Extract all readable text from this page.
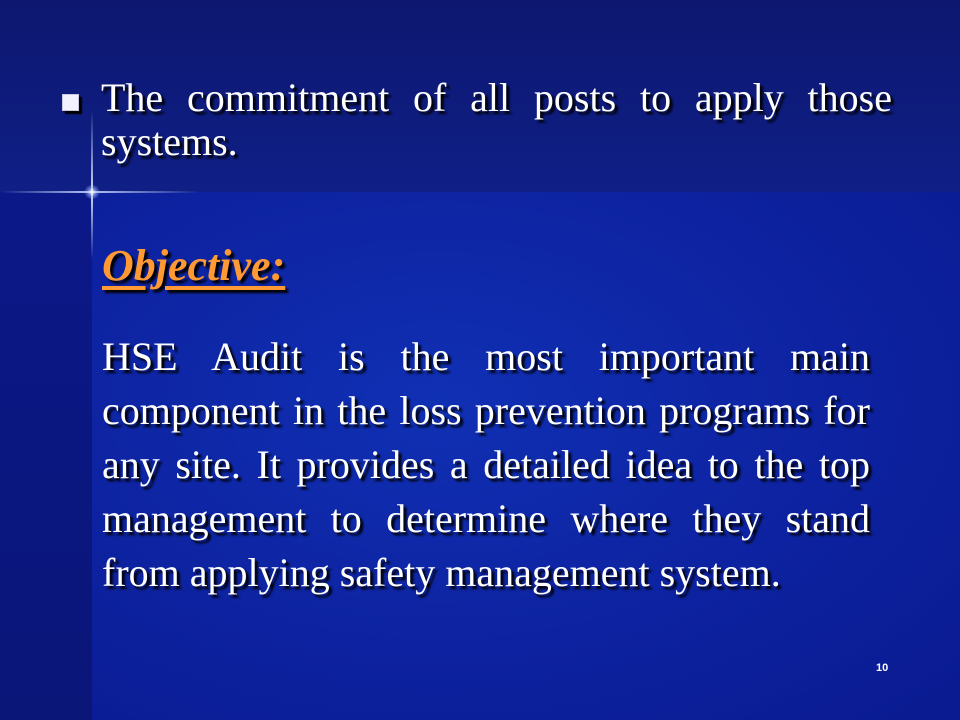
The commitment of all posts to apply those systems.
Objective:
HSE Audit is the most important main component in the loss prevention programs for any site. It provides a detailed idea to the top management to determine where they stand from applying safety management system.
10
